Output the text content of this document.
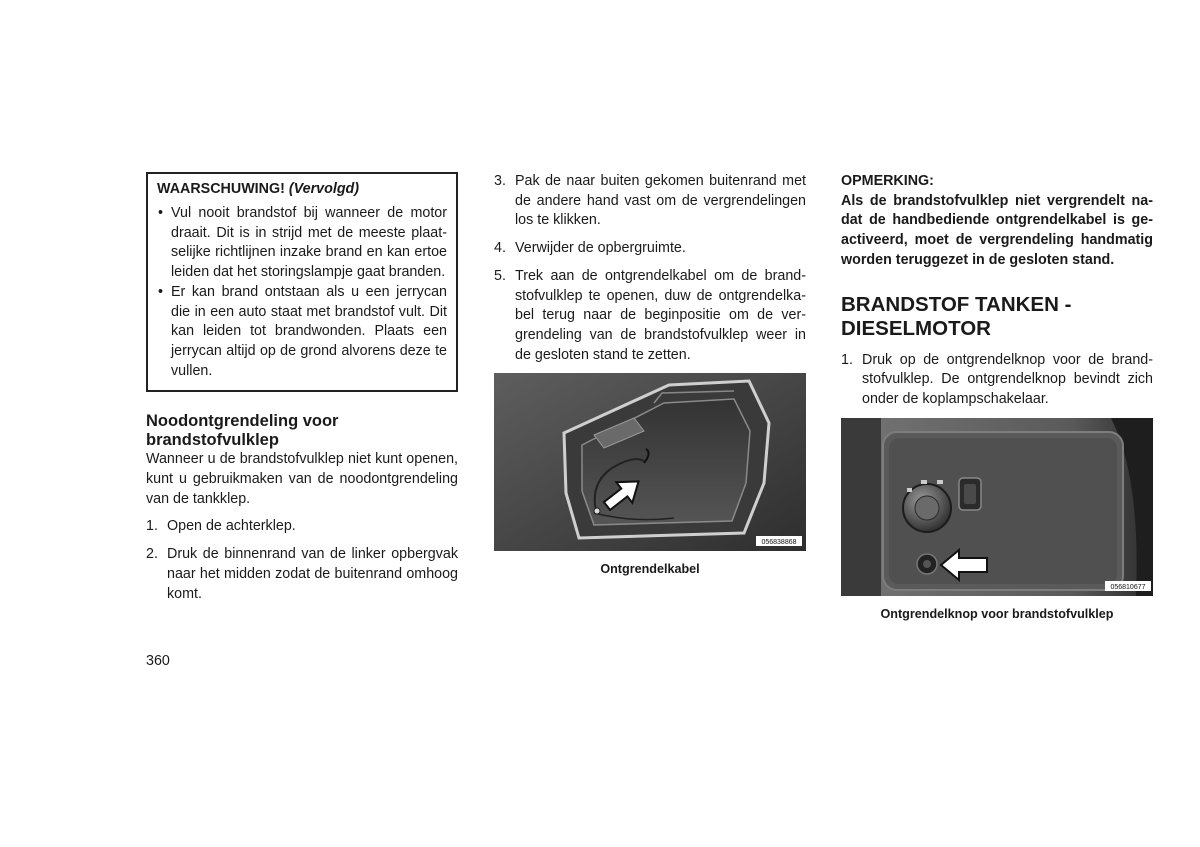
WAARSCHUWING! (Vervolgd)
• Vul nooit brandstof bij wanneer de motor draait. Dit is in strijd met de meeste plaatselijke richtlijnen inzake brand en kan ertoe leiden dat het storingslampje gaat branden.
• Er kan brand ontstaan als u een jerrycan die in een auto staat met brandstof vult. Dit kan leiden tot brandwonden. Plaats een jerrycan altijd op de grond alvorens deze te vullen.
Noodontgrendeling voor brandstofvulklep

Wanneer u de brandstofvulklep niet kunt openen, kunt u gebruikmaken van de noodontgrendeling van de tankklep.

1. Open de achterklep.
2. Druk de binnenrand van de linker opbergvak naar het midden zodat de buitenrand omhoog komt.
3. Pak de naar buiten gekomen buitenrand met de andere hand vast om de vergrendelingen los te klikken.
4. Verwijder de opbergruimte.
5. Trek aan de ontgrendelkabel om de brandstofvulklep te openen, duw de ontgrendelkabel terug naar de beginpositie om de vergrendeling van de brandstofvulklep weer in de gesloten stand te zetten.
056838868
Ontgrendelkabel
OPMERKING:

Als de brandstofvulklep niet vergrendelt nadat de handbediende ontgrendelkabel is geactiveerd, moet de vergrendeling handmatig worden teruggezet in de gesloten stand.

BRANDSTOF TANKEN - DIESELMOTOR
1. Druk op de ontgrendelknop voor de brandstofvulklep. De ontgrendelknop bevindt zich onder de koplampschakelaar.
056810677
Ontgrendelknop voor brandstofvulklep
360
